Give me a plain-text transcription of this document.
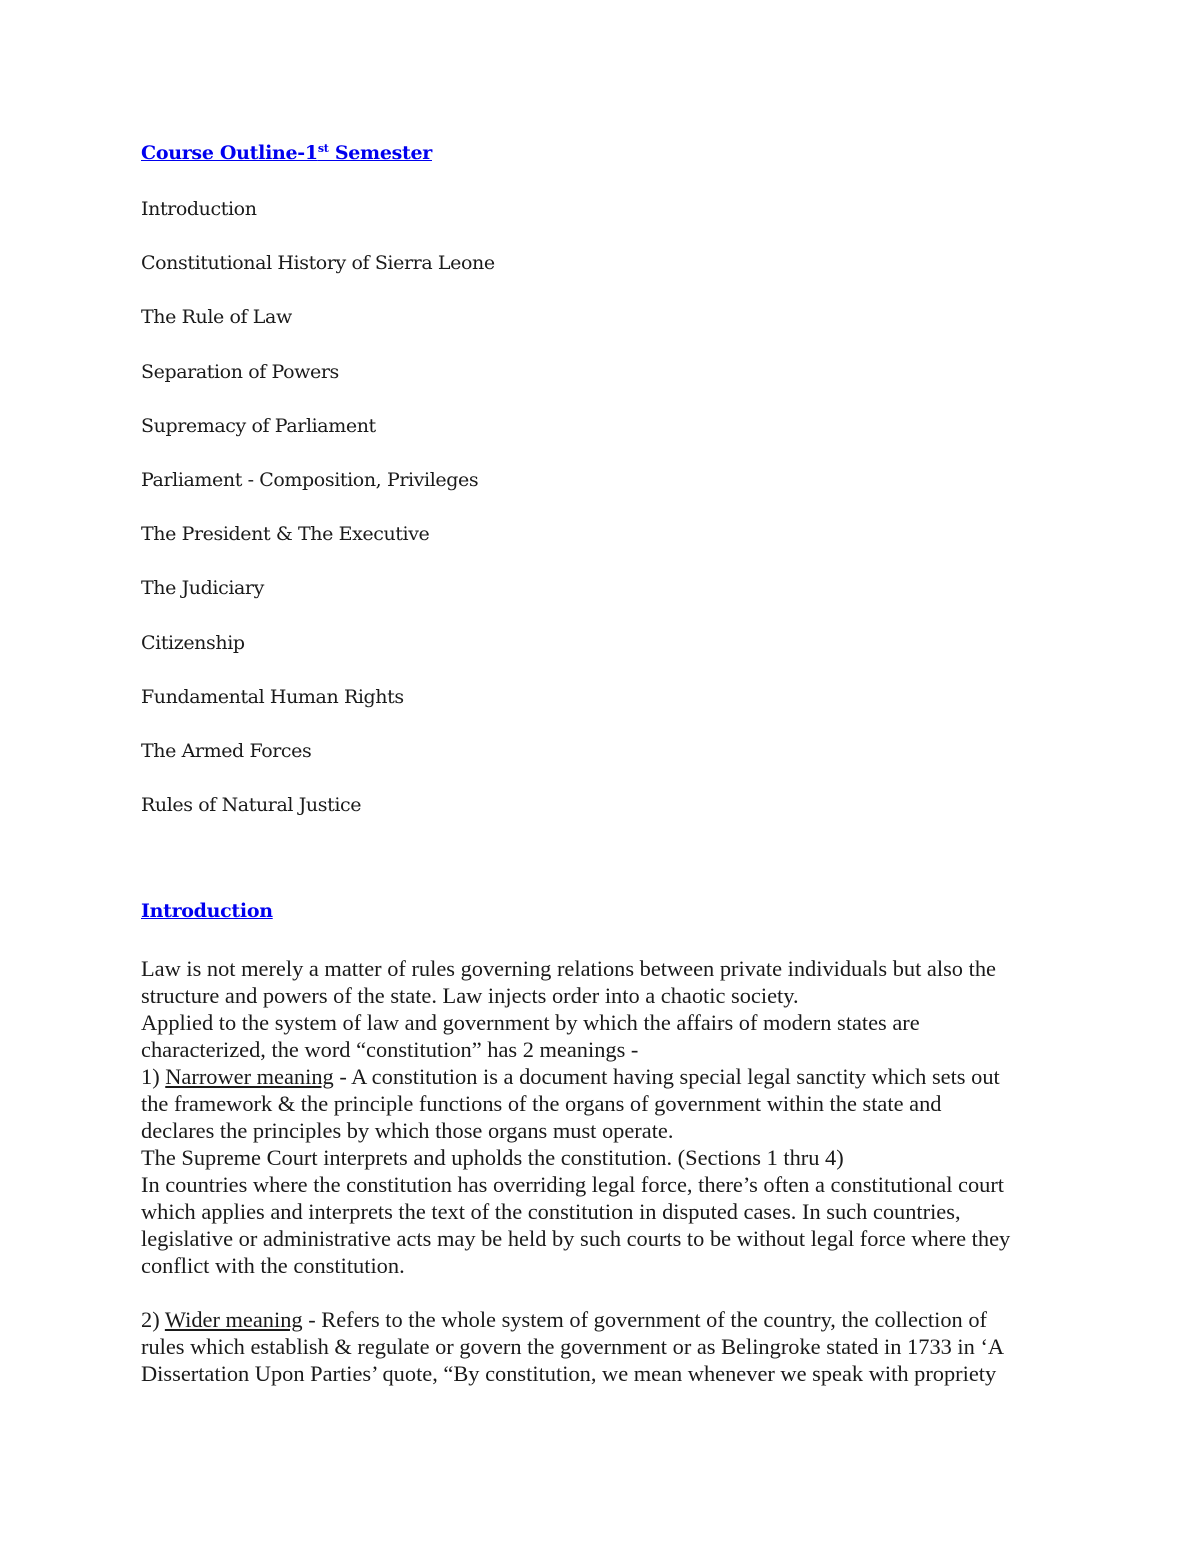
Course Outline-1st Semester
Introduction
Constitutional History of Sierra Leone
The Rule of Law
Separation of Powers
Supremacy of Parliament
Parliament - Composition, Privileges
The President & The Executive
The Judiciary
Citizenship
Fundamental Human Rights
The Armed Forces
Rules of Natural Justice
Introduction
Law is not merely a matter of rules governing relations between private individuals but also the
structure and powers of the state. Law injects order into a chaotic society.
Applied to the system of law and government by which the affairs of modern states are
characterized, the word “constitution” has 2 meanings -
1) Narrower meaning - A constitution is a document having special legal sanctity which sets out
the framework & the principle functions of the organs of government within the state and
declares the principles by which those organs must operate.
The Supreme Court interprets and upholds the constitution. (Sections 1 thru 4)
In countries where the constitution has overriding legal force, there’s often a constitutional court
which applies and interprets the text of the constitution in disputed cases. In such countries,
legislative or administrative acts may be held by such courts to be without legal force where they
conflict with the constitution.
2) Wider meaning - Refers to the whole system of government of the country, the collection of
rules which establish & regulate or govern the government or as Belingroke stated in 1733 in ‘A
Dissertation Upon Parties’ quote, “By constitution, we mean whenever we speak with propriety
